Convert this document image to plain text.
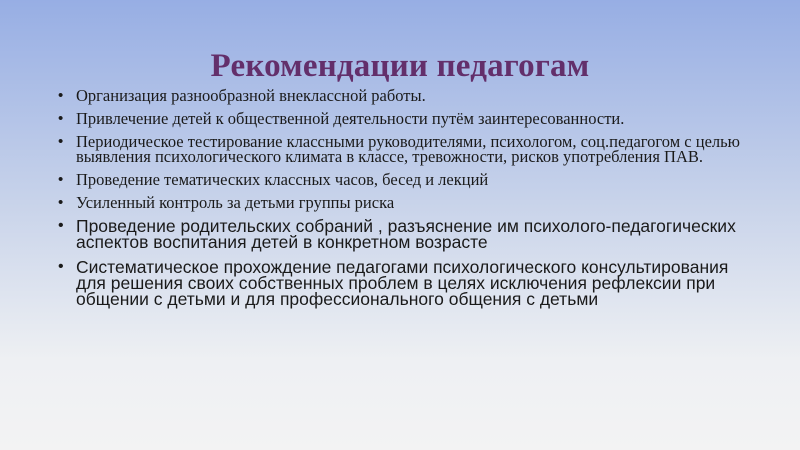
Рекомендации педагогам
• Организация разнообразной внеклассной работы.
• Привлечение детей к общественной деятельности путём заинтересованности.
• Периодическое тестирование классными руководителями, психологом, соц.педагогом с целью выявления психологического климата в классе, тревожности, рисков употребления ПАВ.
• Проведение тематических классных часов, бесед и лекций
• Усиленный контроль за детьми группы риска
• Проведение родительских собраний , разъяснение им психолого-педагогических аспектов воспитания детей в конкретном возрасте
• Систематическое прохождение педагогами психологического консультирования для решения своих собственных проблем в целях исключения рефлексии при общении с детьми и для профессионального общения с детьми
